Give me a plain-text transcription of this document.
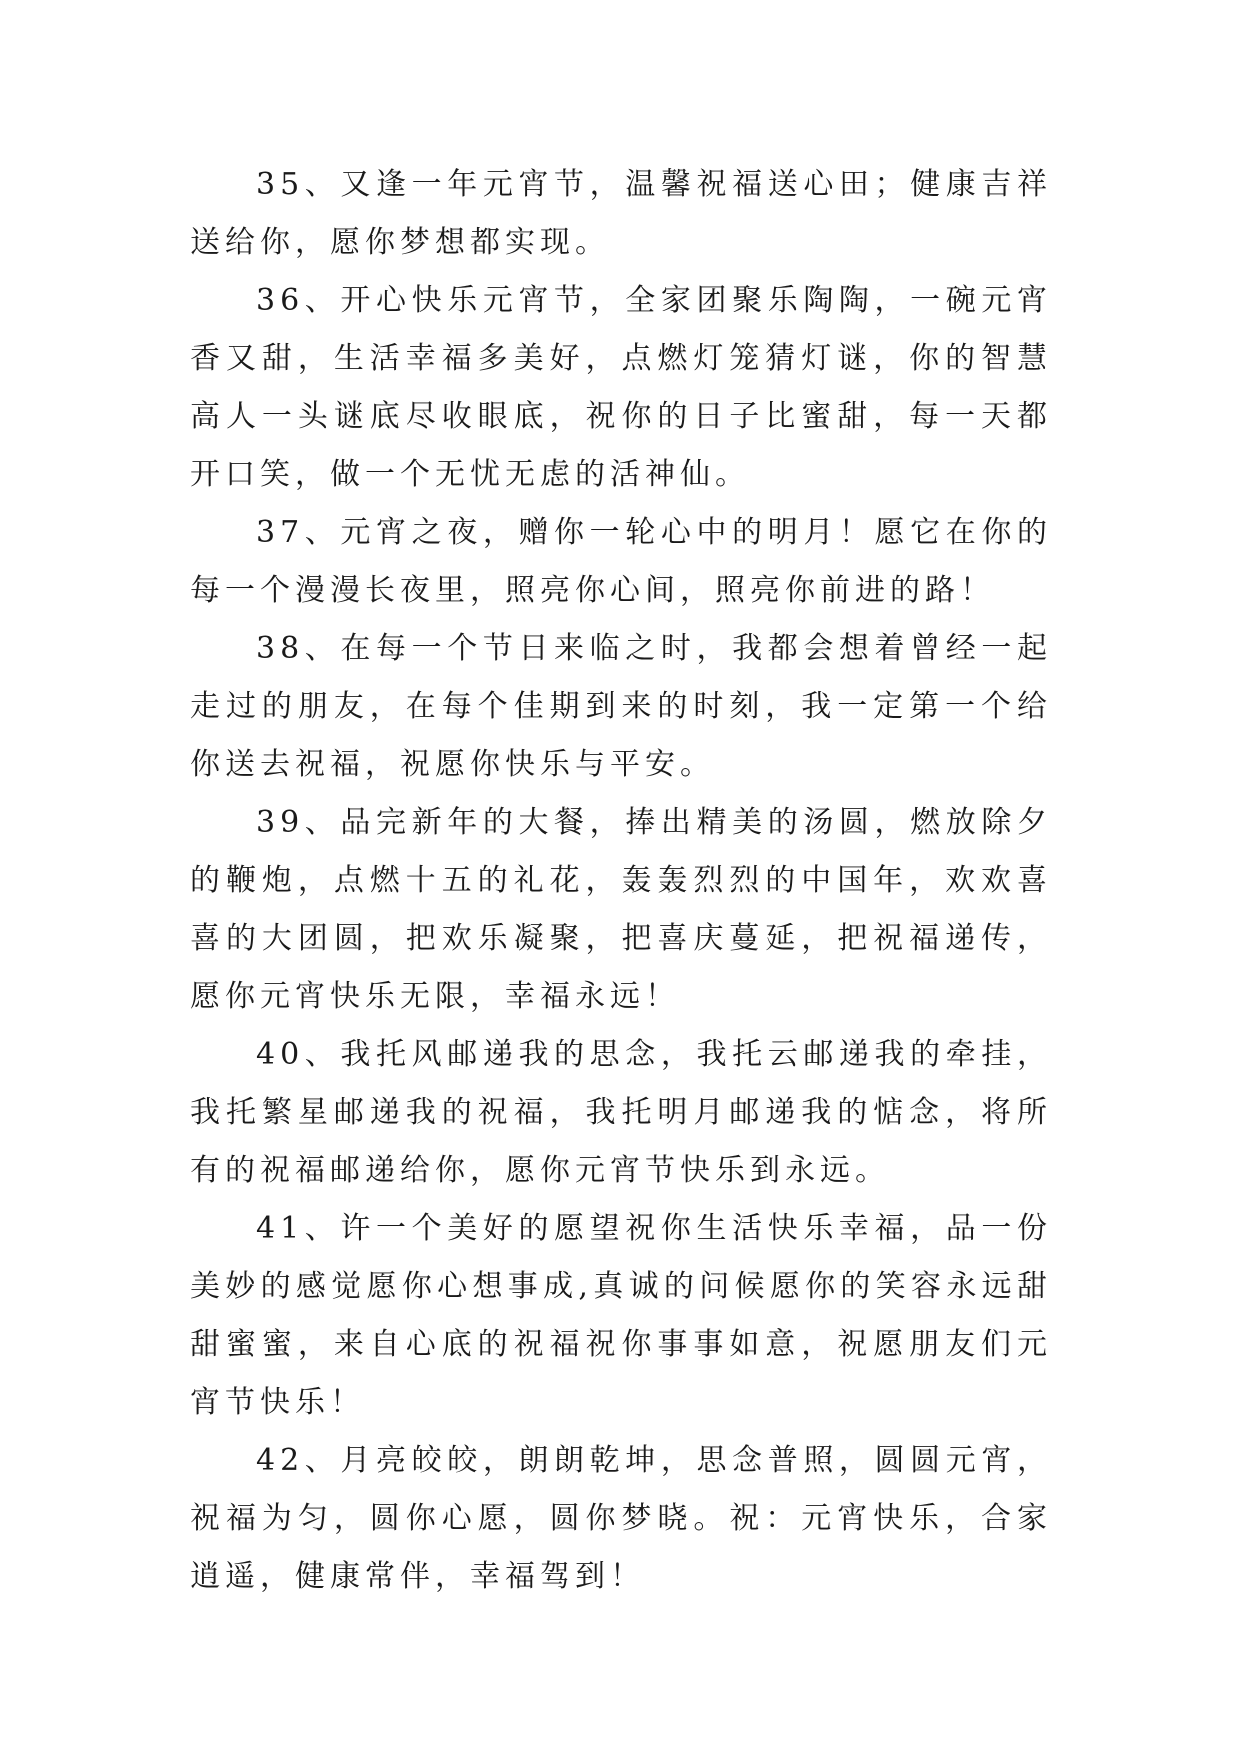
35、又逢一年元宵节，温馨祝福送心田；健康吉祥送给你，愿你梦想都实现。

36、开心快乐元宵节，全家团聚乐陶陶，一碗元宵香又甜，生活幸福多美好，点燃灯笼猜灯谜，你的智慧高人一头谜底尽收眼底，祝你的日子比蜜甜，每一天都开口笑，做一个无忧无虑的活神仙。

37、元宵之夜，赠你一轮心中的明月！愿它在你的每一个漫漫长夜里，照亮你心间，照亮你前进的路！

38、在每一个节日来临之时，我都会想着曾经一起走过的朋友，在每个佳期到来的时刻，我一定第一个给你送去祝福，祝愿你快乐与平安。

39、品完新年的大餐，捧出精美的汤圆，燃放除夕的鞭炮，点燃十五的礼花，轰轰烈烈的中国年，欢欢喜喜的大团圆，把欢乐凝聚，把喜庆蔓延，把祝福递传，愿你元宵快乐无限，幸福永远！

40、我托风邮递我的思念，我托云邮递我的牵挂，我托繁星邮递我的祝福，我托明月邮递我的惦念，将所有的祝福邮递给你，愿你元宵节快乐到永远。

41、许一个美好的愿望祝你生活快乐幸福，品一份美妙的感觉愿你心想事成,真诚的问候愿你的笑容永远甜甜蜜蜜，来自心底的祝福祝你事事如意，祝愿朋友们元宵节快乐！

42、月亮皎皎，朗朗乾坤，思念普照，圆圆元宵，祝福为匀，圆你心愿，圆你梦晓。祝：元宵快乐，合家逍遥，健康常伴，幸福驾到！
